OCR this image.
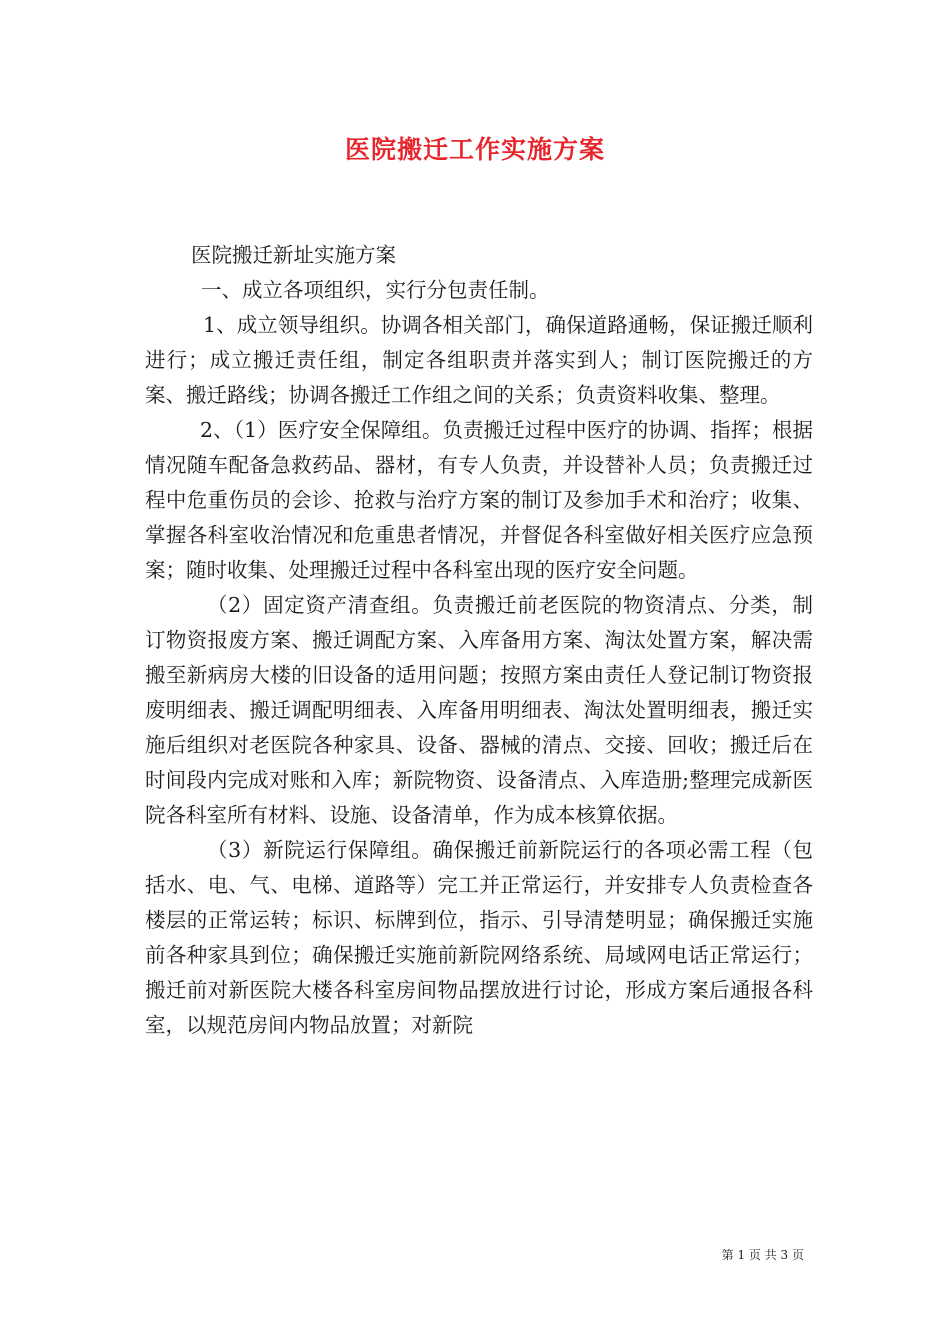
医院搬迁工作实施方案

医院搬迁新址实施方案

一、成立各项组织，实行分包责任制。

1、成立领导组织。协调各相关部门，确保道路通畅，保证搬迁顺利进行；成立搬迁责任组，制定各组职责并落实到人；制订医院搬迁的方案、搬迁路线；协调各搬迁工作组之间的关系；负责资料收集、整理。

2、（1）医疗安全保障组。负责搬迁过程中医疗的协调、指挥；根据情况随车配备急救药品、器材，有专人负责，并设替补人员；负责搬迁过程中危重伤员的会诊、抢救与治疗方案的制订及参加手术和治疗；收集、掌握各科室收治情况和危重患者情况，并督促各科室做好相关医疗应急预案；随时收集、处理搬迁过程中各科室出现的医疗安全问题。

（2）固定资产清查组。负责搬迁前老医院的物资清点、分类，制订物资报废方案、搬迁调配方案、入库备用方案、淘汰处置方案，解决需搬至新病房大楼的旧设备的适用问题；按照方案由责任人登记制订物资报废明细表、搬迁调配明细表、入库备用明细表、淘汰处置明细表，搬迁实施后组织对老医院各种家具、设备、器械的清点、交接、回收；搬迁后在时间段内完成对账和入库；新院物资、设备清点、入库造册;整理完成新医院各科室所有材料、设施、设备清单，作为成本核算依据。

（3）新院运行保障组。确保搬迁前新院运行的各项必需工程（包括水、电、气、电梯、道路等）完工并正常运行，并安排专人负责检查各楼层的正常运转；标识、标牌到位，指示、引导清楚明显；确保搬迁实施前各种家具到位；确保搬迁实施前新院网络系统、局域网电话正常运行；搬迁前对新医院大楼各科室房间物品摆放进行讨论，形成方案后通报各科室，以规范房间内物品放置；对新院

第 1 页 共 3 页
